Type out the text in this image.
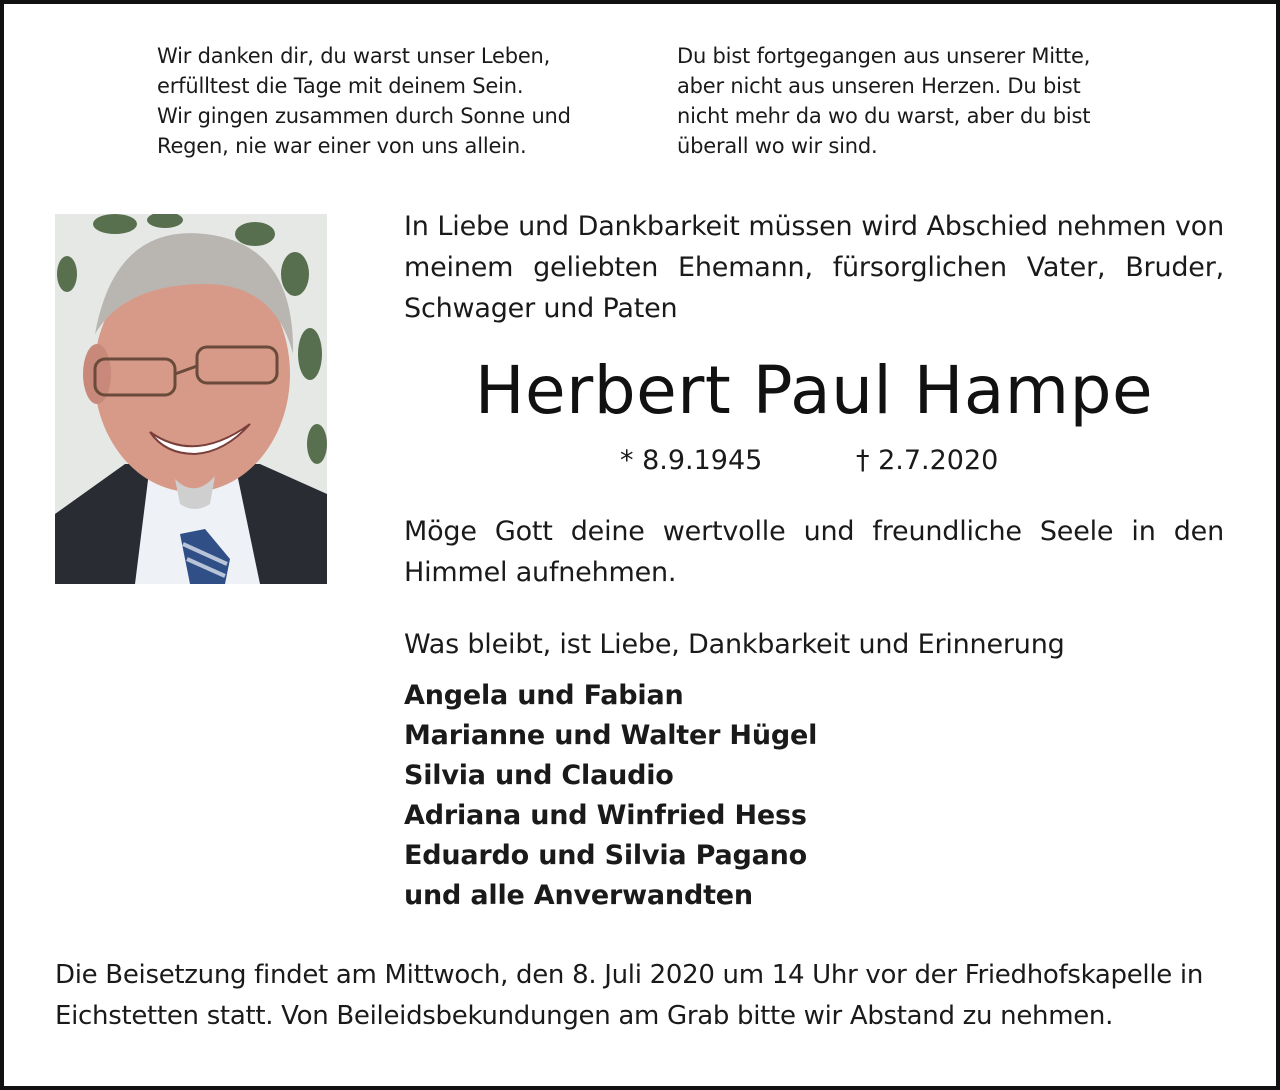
Wir danken dir, du warst unser Leben,
erfülltest die Tage mit deinem Sein.
Wir gingen zusammen durch Sonne und
Regen, nie war einer von uns allein.
Du bist fortgegangen aus unserer Mitte,
aber nicht aus unseren Herzen. Du bist
nicht mehr da wo du warst, aber du bist
überall wo wir sind.
In Liebe und Dankbarkeit müssen wird Abschied nehmen von meinem geliebten Ehemann, fürsorglichen Vater, Bruder, Schwager und Paten
Herbert Paul Hampe
* 8.9.1945	† 2.7.2020
Möge Gott deine wertvolle und freundliche Seele in den Himmel aufnehmen.
Was bleibt, ist Liebe, Dankbarkeit und Erinnerung
Angela und Fabian
Marianne und Walter Hügel
Silvia und Claudio
Adriana und Winfried Hess
Eduardo und Silvia Pagano
und alle Anverwandten
Die Beisetzung findet am Mittwoch, den 8. Juli 2020 um 14 Uhr vor der Friedhofskapelle in Eichstetten statt. Von Beileidsbekundungen am Grab bitte wir Abstand zu nehmen.
